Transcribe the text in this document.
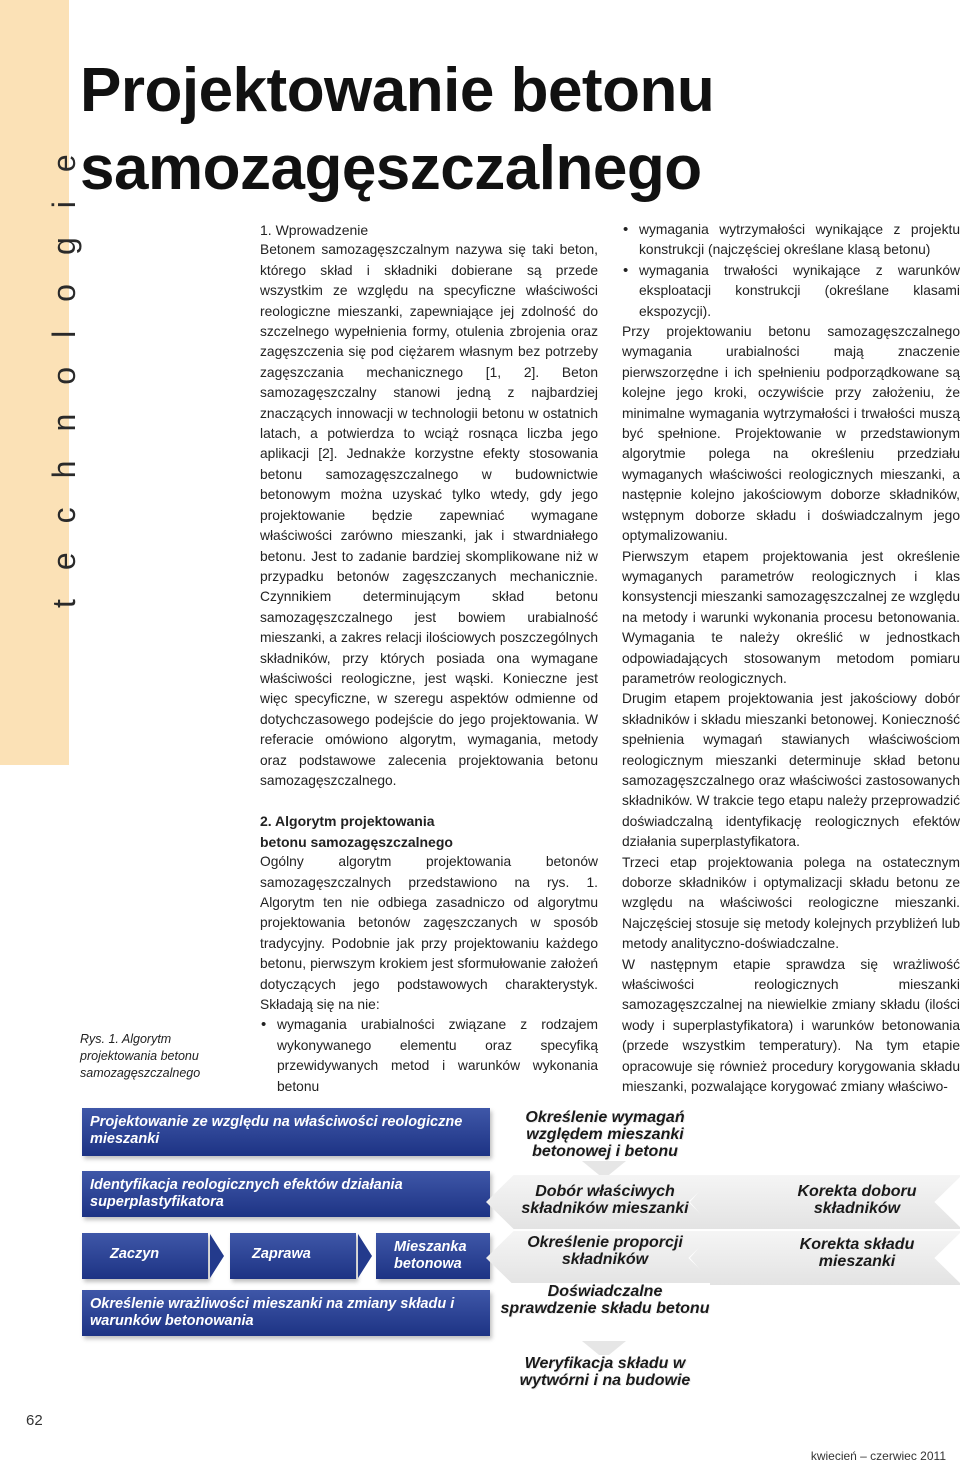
technologie
Projektowanie betonu
samozagęszczalnego
Rys. 1. Algorytm projektowania betonu samozagęszczalnego
1. Wprowadzenie

Betonem samozagęszczalnym nazywa się taki beton, którego skład i składniki dobierane są przede wszystkim ze względu na specyficzne właściwości reologiczne mieszanki, zapewniające jej zdolność do szczelnego wypełnienia formy, otulenia zbrojenia oraz zagęszczenia się pod ciężarem własnym bez potrzeby zagęszczania mechanicznego [1, 2]. Beton samozagęszczalny stanowi jedną z najbardziej znaczących innowacji w technologii betonu w ostatnich latach, a potwierdza to wciąż rosnąca liczba jego aplikacji [2]. Jednakże korzystne efekty stosowania betonu samozagęszczalnego w budownictwie betonowym można uzyskać tylko wtedy, gdy jego projektowanie będzie zapewniać wymagane właściwości zarówno mieszanki, jak i stwardniałego betonu. Jest to zadanie bardziej skomplikowane niż w przypadku betonów zagęszczanych mechanicznie. Czynnikiem determinującym skład betonu samozagęszczalnego jest bowiem urabialność mieszanki, a zakres relacji ilościowych poszczególnych składników, przy których posiada ona wymagane właściwości reologiczne, jest wąski. Konieczne jest więc specyficzne, w szeregu aspektów odmienne od dotychczasowego podejście do jego projektowania. W referacie omówiono algorytm, wymagania, metody oraz podstawowe zalecenia projektowania betonu samozagęszczalnego.

2. Algorytm projektowania
betonu samozagęszczalnego

Ogólny algorytm projektowania betonów samozagęszczalnych przedstawiono na rys. 1. Algorytm ten nie odbiega zasadniczo od algorytmu projektowania betonów zagęszczanych w sposób tradycyjny. Podobnie jak przy projektowaniu każdego betonu, pierwszym krokiem jest sformułowanie założeń dotyczących jego podstawowych charakterystyk. Składają się na nie:

• wymagania urabialności związane z rodzajem wykonywanego elementu oraz specyfiką przewidywanych metod i warunków wykonania betonu
• wymagania wytrzymałości wynikające z projektu konstrukcji (najczęściej określane klasą betonu)
• wymagania trwałości wynikające z warunków eksploatacji konstrukcji (określane klasami ekspozycji).

Przy projektowaniu betonu samozagęszczalnego wymagania urabialności mają znaczenie pierwszorzędne i ich spełnieniu podporządkowane są kolejne jego kroki, oczywiście przy założeniu, że minimalne wymagania wytrzymałości i trwałości muszą być spełnione. Projektowanie w przedstawionym algorytmie polega na określeniu przedziału wymaganych właściwości reologicznych mieszanki, a następnie kolejno jakościowym doborze składników, wstępnym doborze składu i doświadczalnym jego optymalizowaniu.

Pierwszym etapem projektowania jest określenie wymaganych parametrów reologicznych i klas konsystencji mieszanki samozagęszczalnej ze względu na metody i warunki wykonania procesu betonowania. Wymagania te należy określić w jednostkach odpowiadających stosowanym metodom pomiaru parametrów reologicznych.

Drugim etapem projektowania jest jakościowy dobór składników i składu mieszanki betonowej. Konieczność spełnienia wymagań stawianych właściwościom reologicznym mieszanki determinuje skład betonu samozagęszczalnego oraz właściwości zastosowanych składników. W trakcie tego etapu należy przeprowadzić doświadczalną identyfikację reologicznych efektów działania superplastyfikatora.

Trzeci etap projektowania polega na ostatecznym doborze składników i optymalizacji składu betonu ze względu na właściwości reologiczne mieszanki. Najczęściej stosuje się metody kolejnych przybliżeń lub metody analityczno-doświadczalne.

W następnym etapie sprawdza się wrażliwość właściwości reologicznych mieszanki samozagęszczalnej na niewielkie zmiany składu (ilości wody i superplastyfikatora) i warunków betonowania (przede wszystkim temperatury). Na tym etapie opracowuje się również procedury korygowania składu mieszanki, pozwalające korygować zmiany właściwo-

Projektowanie ze względu na właściwości reologiczne mieszanki
Identyfikacja reologicznych efektów działania superplastyfikatora
Zaczyn	Zaprawa	Mieszanka betonowa
Określenie wrażliwości mieszanki na zmiany składu i warunków betonowania
Określenie wymagań względem mieszanki betonowej i betonu
Dobór właściwych składników mieszanki
Określenie proporcji składników
Doświadczalne sprawdzenie składu betonu
Weryfikacja składu w wytwórni i na budowie
Korekta doboru składników
Korekta składu mieszanki
62
kwiecień – czerwiec 2011
